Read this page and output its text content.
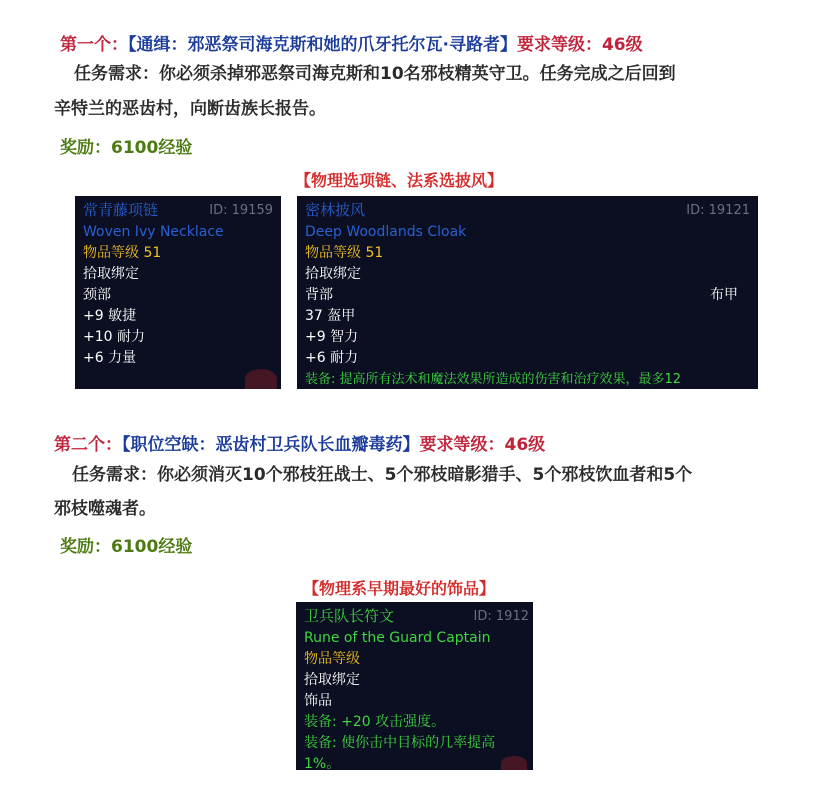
第一个：【通缉：邪恶祭司海克斯和她的爪牙托尔瓦·寻路者】要求等级：46级
任务需求：你必须杀掉邪恶祭司海克斯和10名邪枝精英守卫。任务完成之后回到
辛特兰的恶齿村，向断齿族长报告。
奖励：6100经验
【物理选项链、法系选披风】
常青藤项链	ID: 19159
Woven Ivy Necklace
物品等级 51
拾取绑定
颈部
+9 敏捷
+10 耐力
+6 力量
密林披风	ID: 19121
Deep Woodlands Cloak
物品等级 51
拾取绑定
背部	布甲
37 盔甲
+9 智力
+6 耐力
装备: 提高所有法术和魔法效果所造成的伤害和治疗效果，最多12
第二个：【职位空缺：恶齿村卫兵队长血瓣毒药】要求等级：46级
任务需求：你必须消灭10个邪枝狂战士、5个邪枝暗影猎手、5个邪枝饮血者和5个
邪枝噬魂者。
奖励：6100经验
【物理系早期最好的饰品】
卫兵队长符文	ID: 1912
Rune of the Guard Captain
物品等级
拾取绑定
饰品
装备: +20 攻击强度。
装备: 使你击中目标的几率提高
1%。
